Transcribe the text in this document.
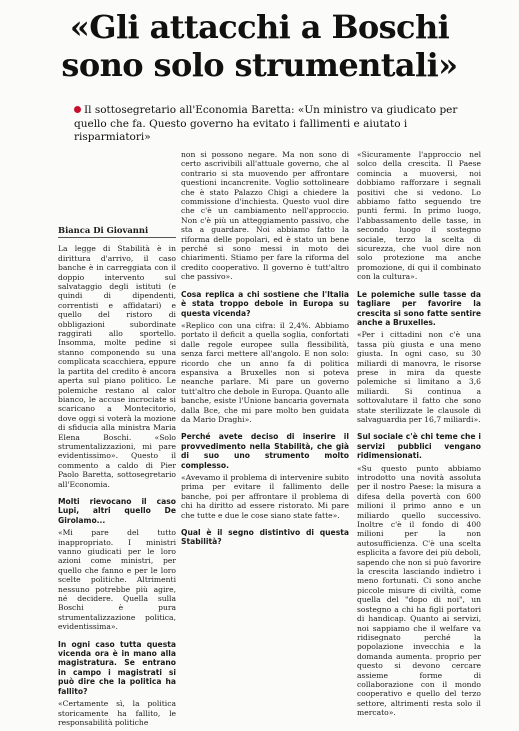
«Gli attacchi a Boschi
sono solo strumentali»
Il sottosegretario all'Economia Baretta: «Un ministro va giudicato per quello che fa. Questo governo ha evitato i fallimenti e aiutato i risparmiatori»
Bianca Di Giovanni

La legge di Stabilità è in dirittura d'arrivo, il caso banche è in carreggiata con il doppio intervento sul salvataggio degli istituti (e quindi di dipendenti, correntisti e affidatari) e quello del ristoro di obbligazioni subordinate raggirati allo sportello. Insomma, molte pedine si stanno componendo su una complicata scacchiera, eppure la partita del credito è ancora aperta sul piano politico. Le polemiche restano al calor bianco, le accuse incrociate si scaricano a Montecitorio, dove oggi si voterà la mozione di sfiducia alla ministra Maria Elena Boschi. «Solo strumentalizzazioni, mi pare evidentissimo». Questo il commento a caldo di Pier Paolo Baretta, sottosegretario all'Economia.

Molti rievocano il caso Lupi, altri quello De Girolamo...

«Mi pare del tutto inappropriato. I ministri vanno giudicati per le loro azioni come ministri, per quello che fanno e per le loro scelte politiche. Altrimenti nessuno potrebbe più agire, né decidere. Quella sulla Boschi è pura strumentalizzazione politica, evidentissima».

In ogni caso tutta questa vicenda ora è in mano alla magistratura. Se entrano in campo i magistrati si può dire che la politica ha fallito?

«Certamente sì, la politica storicamente ha fallito, le responsabilità politiche

non si possono negare. Ma non sono di certo ascrivibili all'attuale governo, che al contrario si sta muovendo per affrontare questioni incancrenite. Voglio sottolineare che è stato Palazzo Chigi a chiedere la commissione d'inchiesta. Questo vuol dire che c'è un cambiamento nell'approccio. Non c'è più un atteggiamento passivo, che sta a guardare. Noi abbiamo fatto la riforma delle popolari, ed è stato un bene perché si sono messi in moto dei chiarimenti. Stiamo per fare la riforma del credito cooperativo. Il governo è tutt'altro che passivo».

Cosa replica a chi sostiene che l'Italia è stata troppo debole in Europa su questa vicenda?

«Replico con una cifra: il 2,4%. Abbiamo portato il deficit a quella soglia, confortati dalle regole europee sulla flessibilità, senza farci mettere all'angolo. E non solo: ricordo che un anno fa di politica espansiva a Bruxelles non si poteva neanche parlare. Mi pare un governo tutt'altro che debole in Europa. Quanto alle banche, esiste l'Unione bancaria governata dalla Bce, che mi pare molto ben guidata da Mario Draghi».

Perché avete deciso di inserire il provvedimento nella Stabilità, che già di suo uno strumento molto complesso.

«Avevamo il problema di intervenire subito prima per evitare il fallimento delle banche, poi per affrontare il problema di chi ha diritto ad essere ristorato. Mi pare che tutte e due le cose siano state fatte».

Qual è il segno distintivo di questa Stabilità?

«Sicuramente l'approccio nel solco della crescita. Il Paese comincia a muoversi, noi dobbiamo rafforzare i segnali positivi che si vedono. Lo abbiamo fatto seguendo tre punti fermi. In primo luogo, l'abbassamento delle tasse, in secondo luogo il sostegno sociale, terzo la scelta di sicurezza, che vuol dire non solo protezione ma anche promozione, di qui il combinato con la cultura».

Le polemiche sulle tasse da tagliare per favorire la crescita si sono fatte sentire anche a Bruxelles.

«Per i cittadini non c'è una tassa più giusta e una meno giusta. In ogni caso, su 30 miliardi di manovra, le risorse prese in mira da queste polemiche si limitano a 3,6 miliardi. Si continua a sottovalutare il fatto che sono state sterilizzate le clausole di salvaguardia per 16,7 miliardi».

Sul sociale c'è chi teme che i servizi pubblici vengano ridimensionati.

«Su questo punto abbiamo introdotto una novità assoluta per il nostro Paese: la misura a difesa della povertà con 600 milioni il primo anno e un miliardo quello successivo. Inoltre c'è il fondo di 400 milioni per la non autosufficienza. C'è una scelta esplicita a favore dei più deboli, sapendo che non si può favorire la crescita lasciando indietro i meno fortunati. Ci sono anche piccole misure di civiltà, come quella del "dopo di noi", un sostegno a chi ha figli portatori di handicap. Quanto ai servizi, noi sappiamo che il welfare va ridisegnato perché la popolazione invecchia e la domanda aumenta. proprio per questo si devono cercare assieme forme di collaborazione con il mondo cooperativo e quello del terzo settore, altrimenti resta solo il mercato».
